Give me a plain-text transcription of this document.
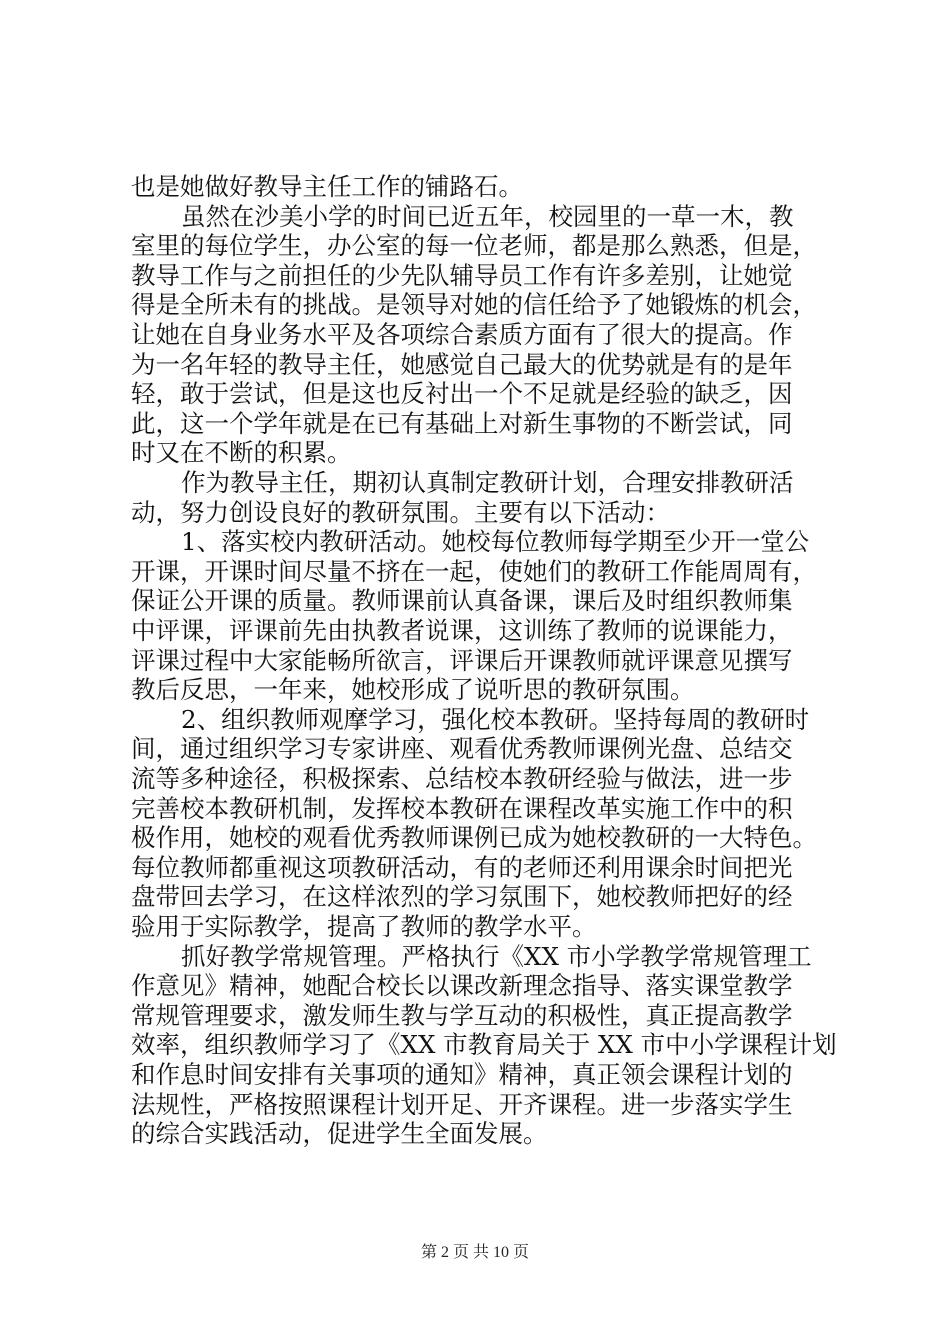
也是她做好教导主任工作的铺路石。
虽然在沙美小学的时间已近五年，校园里的一草一木，教
室里的每位学生，办公室的每一位老师，都是那么熟悉，但是，
教导工作与之前担任的少先队辅导员工作有许多差别，让她觉
得是全所未有的挑战。是领导对她的信任给予了她锻炼的机会，
让她在自身业务水平及各项综合素质方面有了很大的提高。作
为一名年轻的教导主任，她感觉自己最大的优势就是有的是年
轻，敢于尝试，但是这也反衬出一个不足就是经验的缺乏，因
此，这一个学年就是在已有基础上对新生事物的不断尝试，同
时又在不断的积累。
作为教导主任，期初认真制定教研计划，合理安排教研活
动，努力创设良好的教研氛围。主要有以下活动：
1、落实校内教研活动。她校每位教师每学期至少开一堂公
开课，开课时间尽量不挤在一起，使她们的教研工作能周周有，
保证公开课的质量。教师课前认真备课，课后及时组织教师集
中评课，评课前先由执教者说课，这训练了教师的说课能力，
评课过程中大家能畅所欲言，评课后开课教师就评课意见撰写
教后反思，一年来，她校形成了说听思的教研氛围。
2、组织教师观摩学习，强化校本教研。坚持每周的教研时
间，通过组织学习专家讲座、观看优秀教师课例光盘、总结交
流等多种途径，积极探索、总结校本教研经验与做法，进一步
完善校本教研机制，发挥校本教研在课程改革实施工作中的积
极作用，她校的观看优秀教师课例已成为她校教研的一大特色。
每位教师都重视这项教研活动，有的老师还利用课余时间把光
盘带回去学习，在这样浓烈的学习氛围下，她校教师把好的经
验用于实际教学，提高了教师的教学水平。
抓好教学常规管理。严格执行《XX 市小学教学常规管理工
作意见》精神，她配合校长以课改新理念指导、落实课堂教学
常规管理要求，激发师生教与学互动的积极性，真正提高教学
效率，组织教师学习了《XX 市教育局关于 XX 市中小学课程计划
和作息时间安排有关事项的通知》精神，真正领会课程计划的
法规性，严格按照课程计划开足、开齐课程。进一步落实学生
的综合实践活动，促进学生全面发展。
第 2 页 共 10 页
